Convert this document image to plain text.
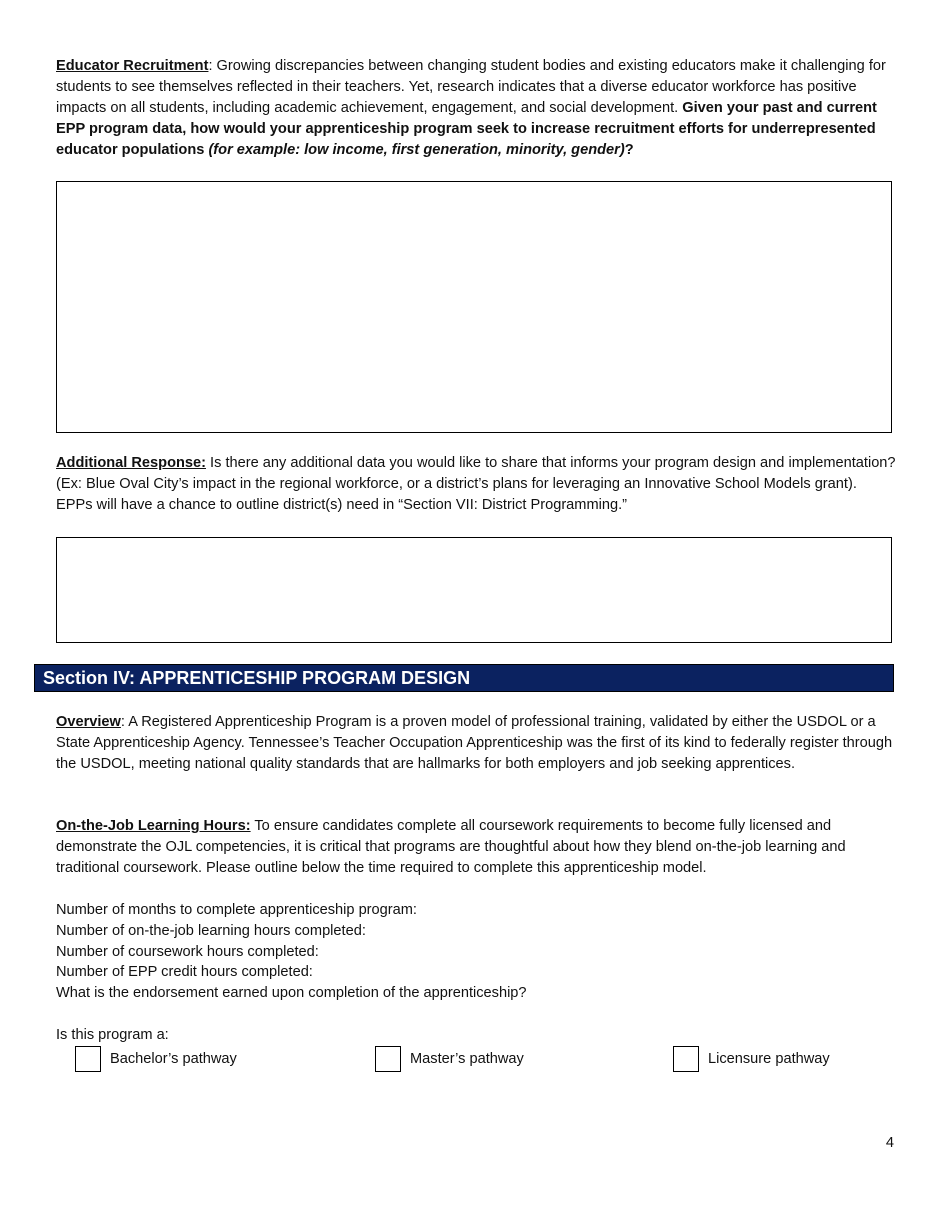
Educator Recruitment: Growing discrepancies between changing student bodies and existing educators make it challenging for students to see themselves reflected in their teachers. Yet, research indicates that a diverse educator workforce has positive impacts on all students, including academic achievement, engagement, and social development. Given your past and current EPP program data, how would your apprenticeship program seek to increase recruitment efforts for underrepresented educator populations (for example: low income, first generation, minority, gender)?

Additional Response: Is there any additional data you would like to share that informs your program design and implementation? (Ex: Blue Oval City’s impact in the regional workforce, or a district’s plans for leveraging an Innovative School Models grant). EPPs will have a chance to outline district(s) need in “Section VII: District Programming.”

Section IV: APPRENTICESHIP PROGRAM DESIGN

Overview: A Registered Apprenticeship Program is a proven model of professional training, validated by either the USDOL or a State Apprenticeship Agency. Tennessee’s Teacher Occupation Apprenticeship was the first of its kind to federally register through the USDOL, meeting national quality standards that are hallmarks for both employers and job seeking apprentices.

On-the-Job Learning Hours: To ensure candidates complete all coursework requirements to become fully licensed and demonstrate the OJL competencies, it is critical that programs are thoughtful about how they blend on-the-job learning and traditional coursework. Please outline below the time required to complete this apprenticeship model.

Number of months to complete apprenticeship program:

Number of on-the-job learning hours completed:

Number of coursework hours completed:

Number of EPP credit hours completed:

What is the endorsement earned upon completion of the apprenticeship?

Is this program a:

Bachelor’s pathway	Master’s pathway	Licensure pathway
4
